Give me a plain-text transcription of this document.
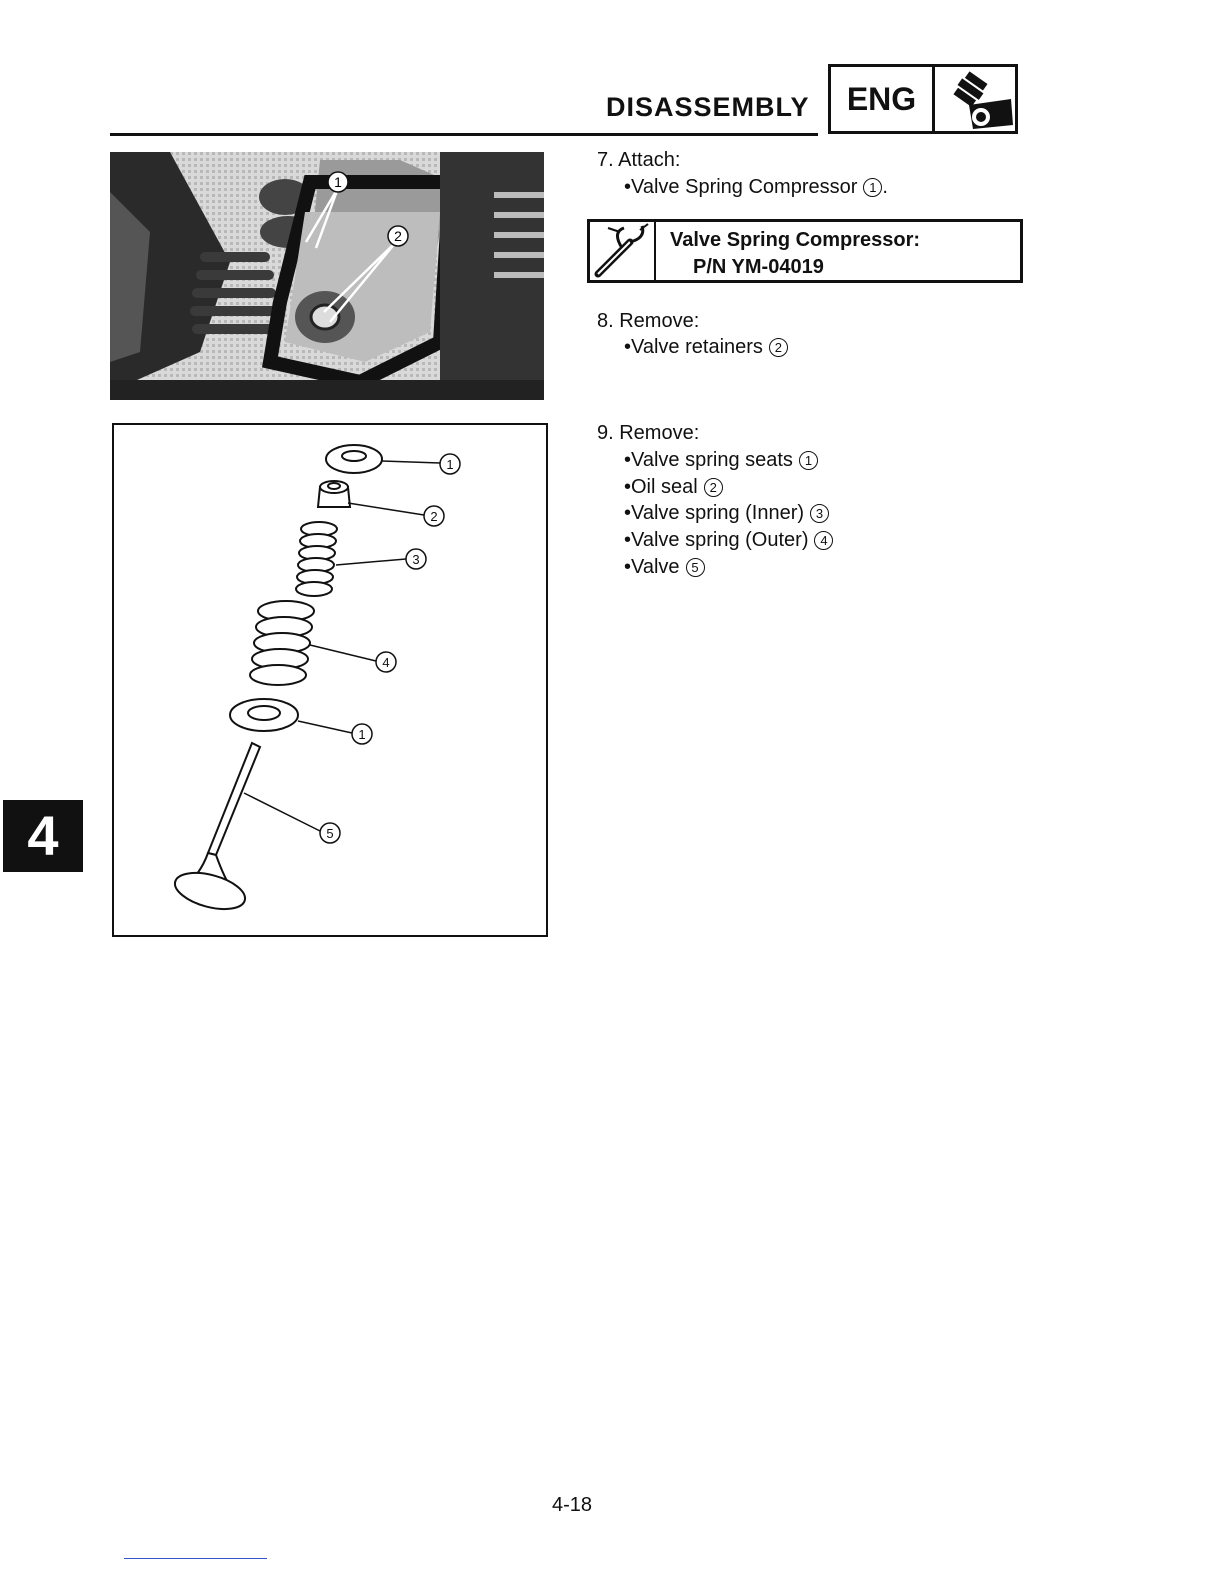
DISASSEMBLY	ENG
1
2
1
2
3
4
1
5
7. Attach:
•Valve Spring Compressor 1 .
Valve Spring Compressor:
P/N YM-04019
8. Remove:
•Valve retainers 2
9. Remove:
•Valve spring seats 1
•Oil seal 2
•Valve spring (Inner) 3
•Valve spring (Outer) 4
•Valve 5
4
4-18
